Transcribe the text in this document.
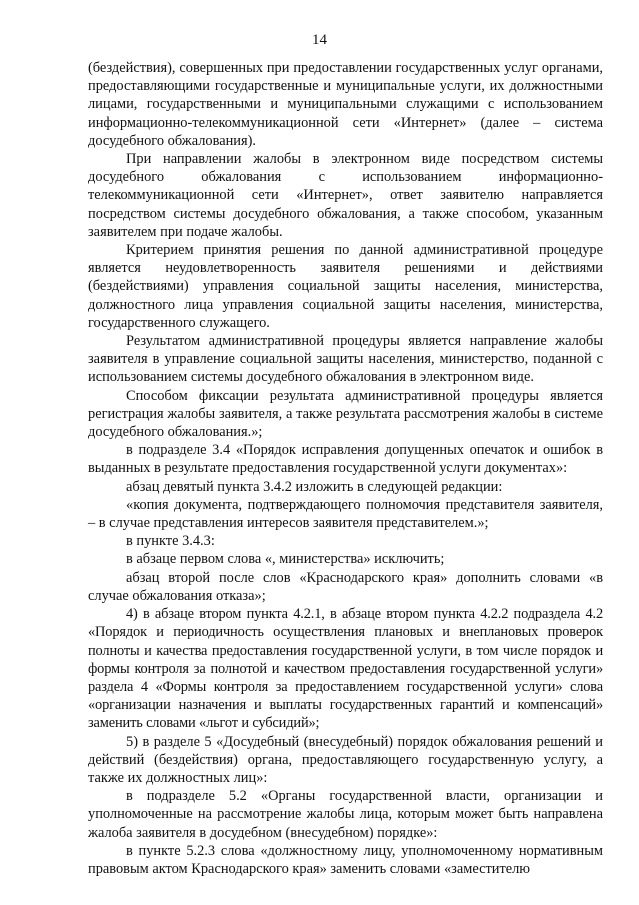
14

(бездействия), совершенных при предоставлении государственных услуг органами, предоставляющими государственные и муниципальные услуги, их должностными лицами, государственными и муниципальными служащими с использованием информационно-телекоммуникационной сети «Интернет» (далее – система досудебного обжалования).

При направлении жалобы в электронном виде посредством системы досудебного обжалования с использованием информационно-телекоммуникационной сети «Интернет», ответ заявителю направляется посредством системы досудебного обжалования, а также способом, указанным заявителем при подаче жалобы.

Критерием принятия решения по данной административной процедуре является неудовлетворенность заявителя решениями и действиями (бездействиями) управления социальной защиты населения, министерства, должностного лица управления социальной защиты населения, министерства, государственного служащего.

Результатом административной процедуры является направление жалобы заявителя в управление социальной защиты населения, министерство, поданной с использованием системы досудебного обжалования в электронном виде.

Способом фиксации результата административной процедуры является регистрация жалобы заявителя, а также результата рассмотрения жалобы в системе досудебного обжалования.»;

в подразделе 3.4 «Порядок исправления допущенных опечаток и ошибок в выданных в результате предоставления государственной услуги документах»:

абзац девятый пункта 3.4.2 изложить в следующей редакции:

«копия документа, подтверждающего полномочия представителя заявителя, – в случае представления интересов заявителя представителем.»;

в пункте 3.4.3:

в абзаце первом слова «, министерства» исключить;

абзац второй после слов «Краснодарского края» дополнить словами «в случае обжалования отказа»;

4) в абзаце втором пункта 4.2.1, в абзаце втором пункта 4.2.2 подраздела 4.2 «Порядок и периодичность осуществления плановых и внеплановых проверок полноты и качества предоставления государственной услуги, в том числе порядок и формы контроля за полнотой и качеством предоставления государственной услуги» раздела 4 «Формы контроля за предоставлением государственной услуги» слова «организации назначения и выплаты государственных гарантий и компенсаций» заменить словами «льгот и субсидий»;

5) в разделе 5 «Досудебный (внесудебный) порядок обжалования решений и действий (бездействия) органа, предоставляющего государственную услугу, а также их должностных лиц»:

в подразделе 5.2 «Органы государственной власти, организации и уполномоченные на рассмотрение жалобы лица, которым может быть направлена жалоба заявителя в досудебном (внесудебном) порядке»:

в пункте 5.2.3 слова «должностному лицу, уполномоченному нормативным правовым актом Краснодарского края» заменить словами «заместителю
